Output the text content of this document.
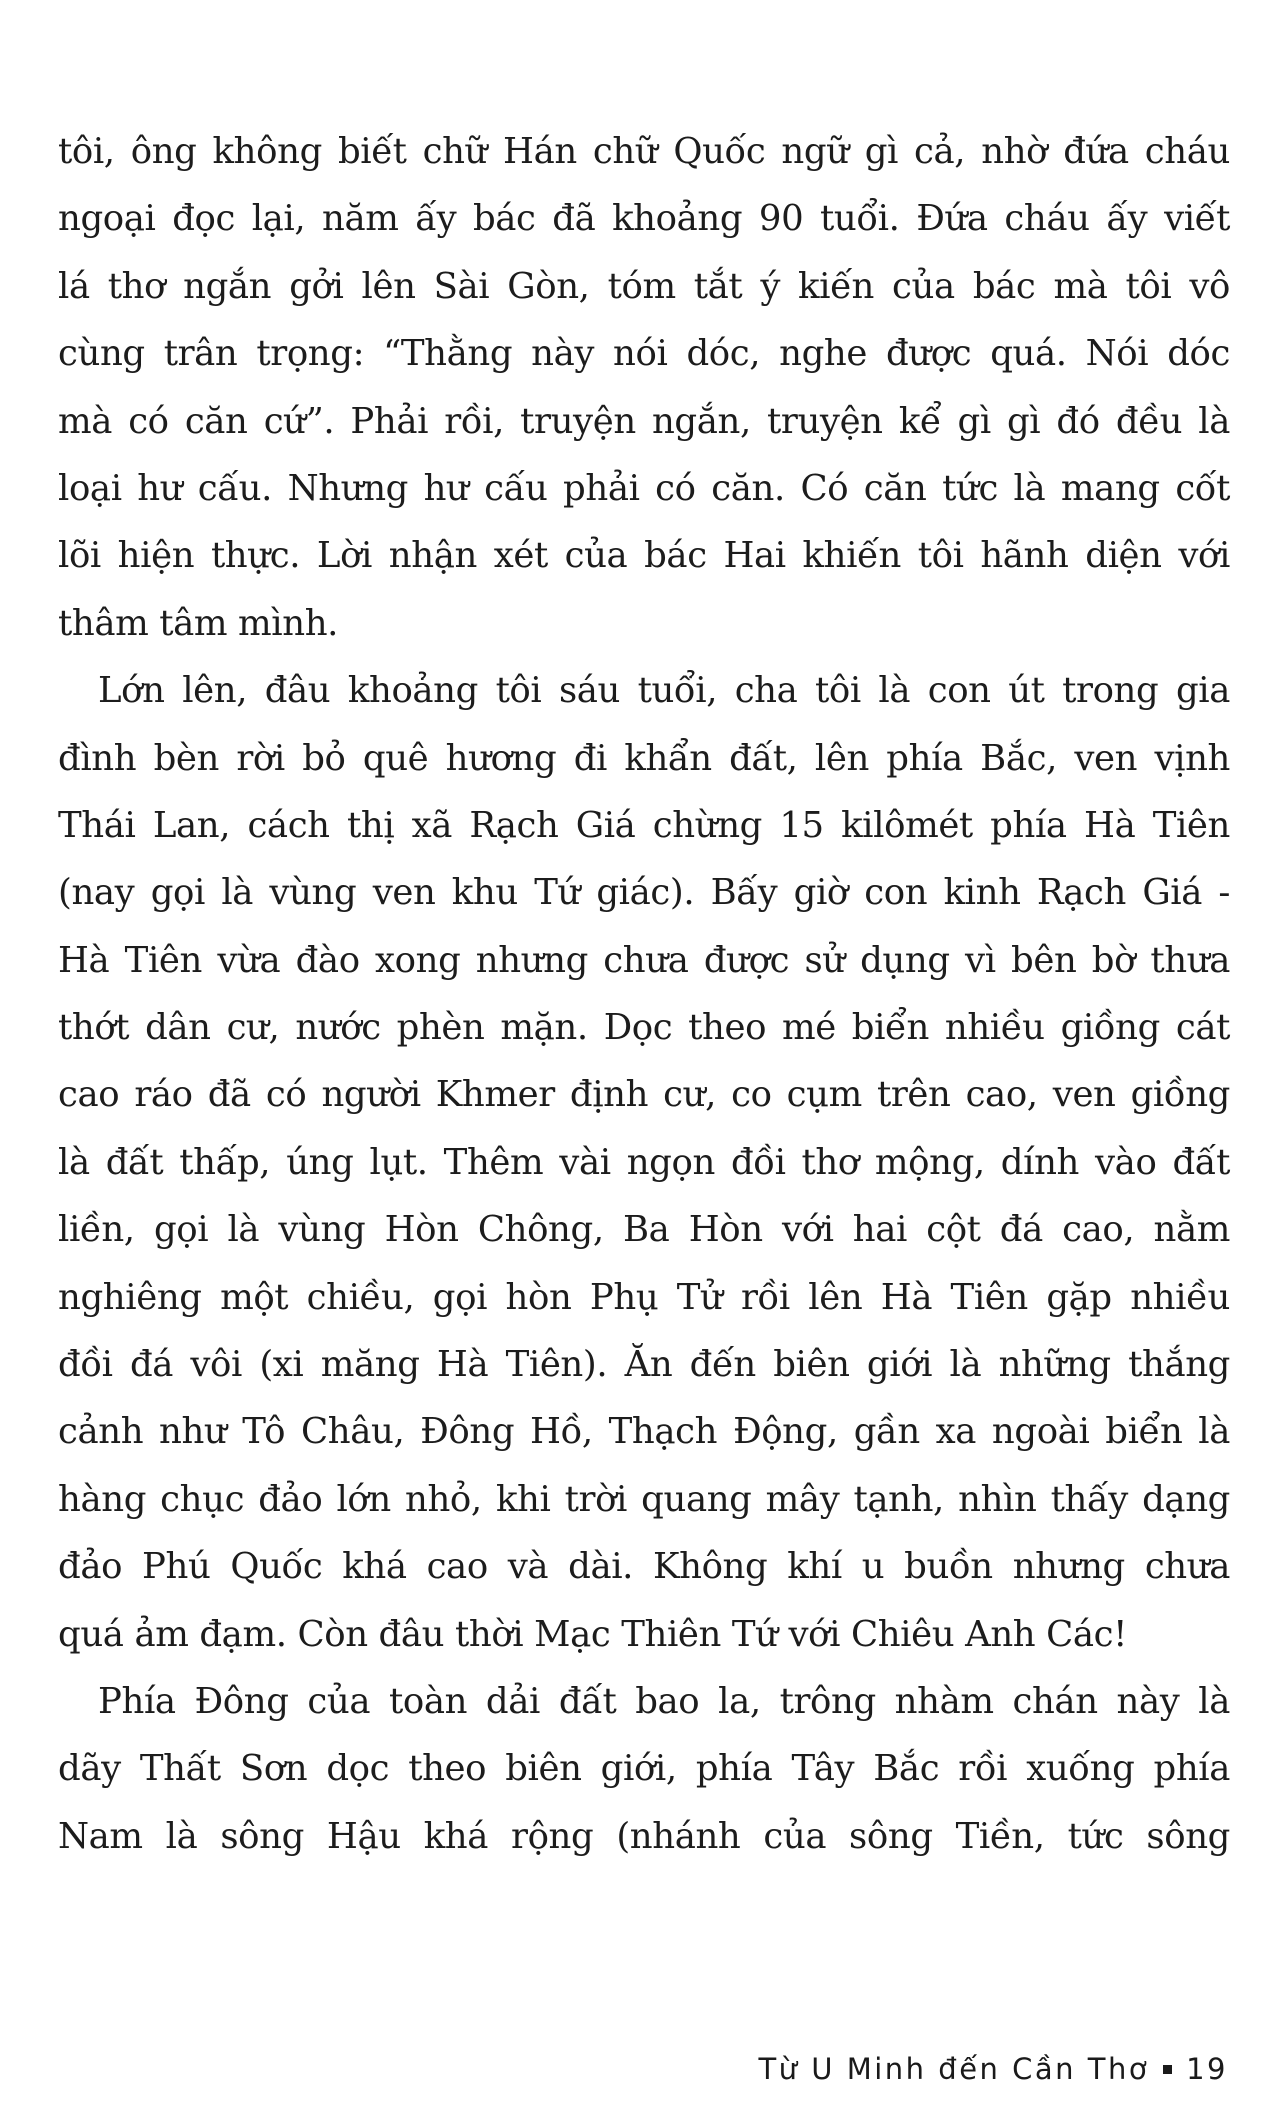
tôi, ông không biết chữ Hán chữ Quốc ngữ gì cả, nhờ đứa cháu
ngoại đọc lại, năm ấy bác đã khoảng 90 tuổi. Đứa cháu ấy viết
lá thơ ngắn gởi lên Sài Gòn, tóm tắt ý kiến của bác mà tôi vô
cùng trân trọng: “Thằng này nói dóc, nghe được quá. Nói dóc
mà có căn cứ”. Phải rồi, truyện ngắn, truyện kể gì gì đó đều là
loại hư cấu. Nhưng hư cấu phải có căn. Có căn tức là mang cốt
lõi hiện thực. Lời nhận xét của bác Hai khiến tôi hãnh diện với
thâm tâm mình.
Lớn lên, đâu khoảng tôi sáu tuổi, cha tôi là con út trong gia
đình bèn rời bỏ quê hương đi khẩn đất, lên phía Bắc, ven vịnh
Thái Lan, cách thị xã Rạch Giá chừng 15 kilômét phía Hà Tiên
(nay gọi là vùng ven khu Tứ giác). Bấy giờ con kinh Rạch Giá -
Hà Tiên vừa đào xong nhưng chưa được sử dụng vì bên bờ thưa
thớt dân cư, nước phèn mặn. Dọc theo mé biển nhiều giồng cát
cao ráo đã có người Khmer định cư, co cụm trên cao, ven giồng
là đất thấp, úng lụt. Thêm vài ngọn đồi thơ mộng, dính vào đất
liền, gọi là vùng Hòn Chông, Ba Hòn với hai cột đá cao, nằm
nghiêng một chiều, gọi hòn Phụ Tử rồi lên Hà Tiên gặp nhiều
đồi đá vôi (xi măng Hà Tiên). Ăn đến biên giới là những thắng
cảnh như Tô Châu, Đông Hồ, Thạch Động, gần xa ngoài biển là
hàng chục đảo lớn nhỏ, khi trời quang mây tạnh, nhìn thấy dạng
đảo Phú Quốc khá cao và dài. Không khí u buồn nhưng chưa
quá ảm đạm. Còn đâu thời Mạc Thiên Tứ với Chiêu Anh Các!
Phía Đông của toàn dải đất bao la, trông nhàm chán này là
dãy Thất Sơn dọc theo biên giới, phía Tây Bắc rồi xuống phía
Nam là sông Hậu khá rộng (nhánh của sông Tiền, tức sông
Từ U Minh đến Cần Thơ 19
